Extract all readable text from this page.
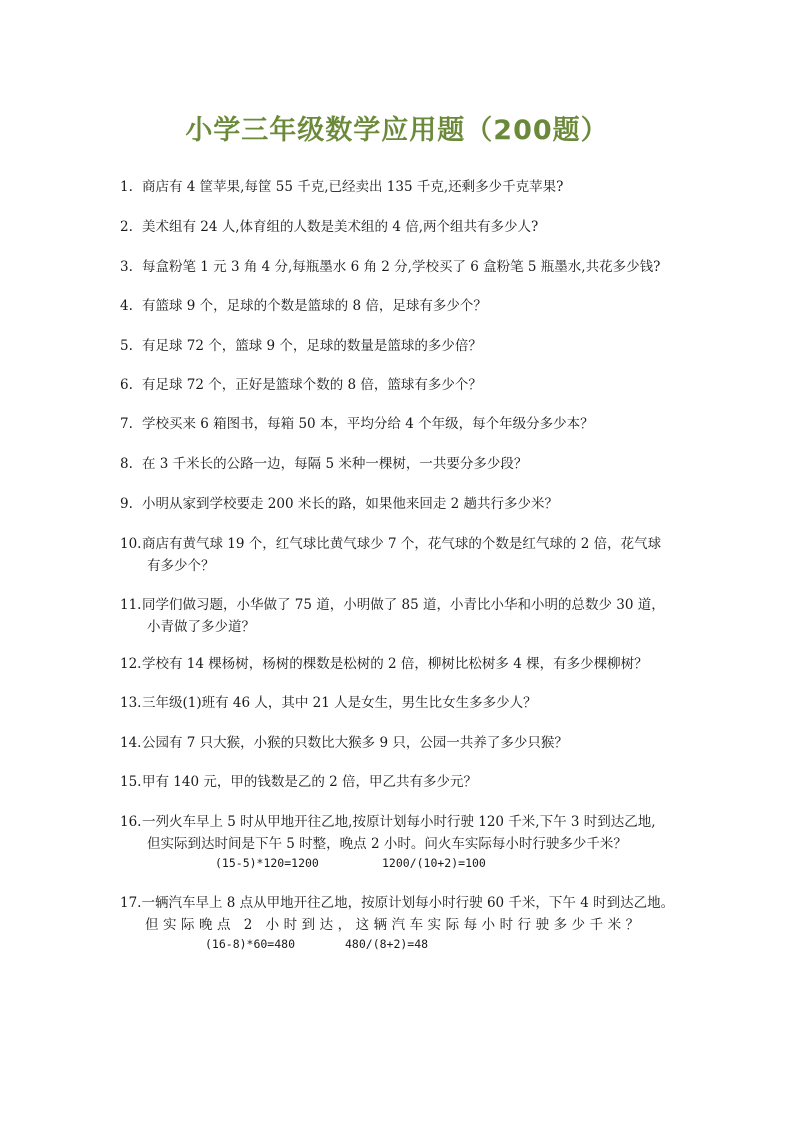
小学三年级数学应用题（200题）
1. 商店有 4 筐苹果,每筐 55 千克,已经卖出 135 千克,还剩多少千克苹果?
2. 美术组有 24 人,体育组的人数是美术组的 4 倍,两个组共有多少人?
3. 每盒粉笔 1 元 3 角 4 分,每瓶墨水 6 角 2 分,学校买了 6 盒粉笔 5 瓶墨水,共花多少钱?
4. 有篮球 9 个，足球的个数是篮球的 8 倍，足球有多少个？
5. 有足球 72 个，篮球 9 个，足球的数量是篮球的多少倍？
6. 有足球 72 个，正好是篮球个数的 8 倍，篮球有多少个？
7. 学校买来 6 箱图书，每箱 50 本，平均分给 4 个年级，每个年级分多少本？
8. 在 3 千米长的公路一边，每隔 5 米种一棵树，一共要分多少段？
9. 小明从家到学校要走 200 米长的路，如果他来回走 2 趟共行多少米？
10.商店有黄气球 19 个，红气球比黄气球少 7 个，花气球的个数是红气球的 2 倍，花气球
有多少个？
11.同学们做习题，小华做了 75 道，小明做了 85 道，小青比小华和小明的总数少 30 道，
小青做了多少道？
12.学校有 14 棵杨树，杨树的棵数是松树的 2 倍，柳树比松树多 4 棵，有多少棵柳树？
13.三年级(1)班有 46 人，其中 21 人是女生，男生比女生多多少人？
14.公园有 7 只大猴，小猴的只数比大猴多 9 只，公园一共养了多少只猴？
15.甲有 140 元，甲的钱数是乙的 2 倍，甲乙共有多少元？
16.一列火车早上 5 时从甲地开往乙地,按原计划每小时行驶 120 千米,下午 3 时到达乙地,
但实际到达时间是下午 5 时整，晚点 2 小时。问火车实际每小时行驶多少千米？
(15-5)*120=1200	1200/(10+2)=100
17.一辆汽车早上 8 点从甲地开往乙地，按原计划每小时行驶 60 千米，下午 4 时到达乙地。
但实际晚点 2 小时到达，这辆汽车实际每小时行驶多少千米？
(16-8)*60=480	480/(8+2)=48
